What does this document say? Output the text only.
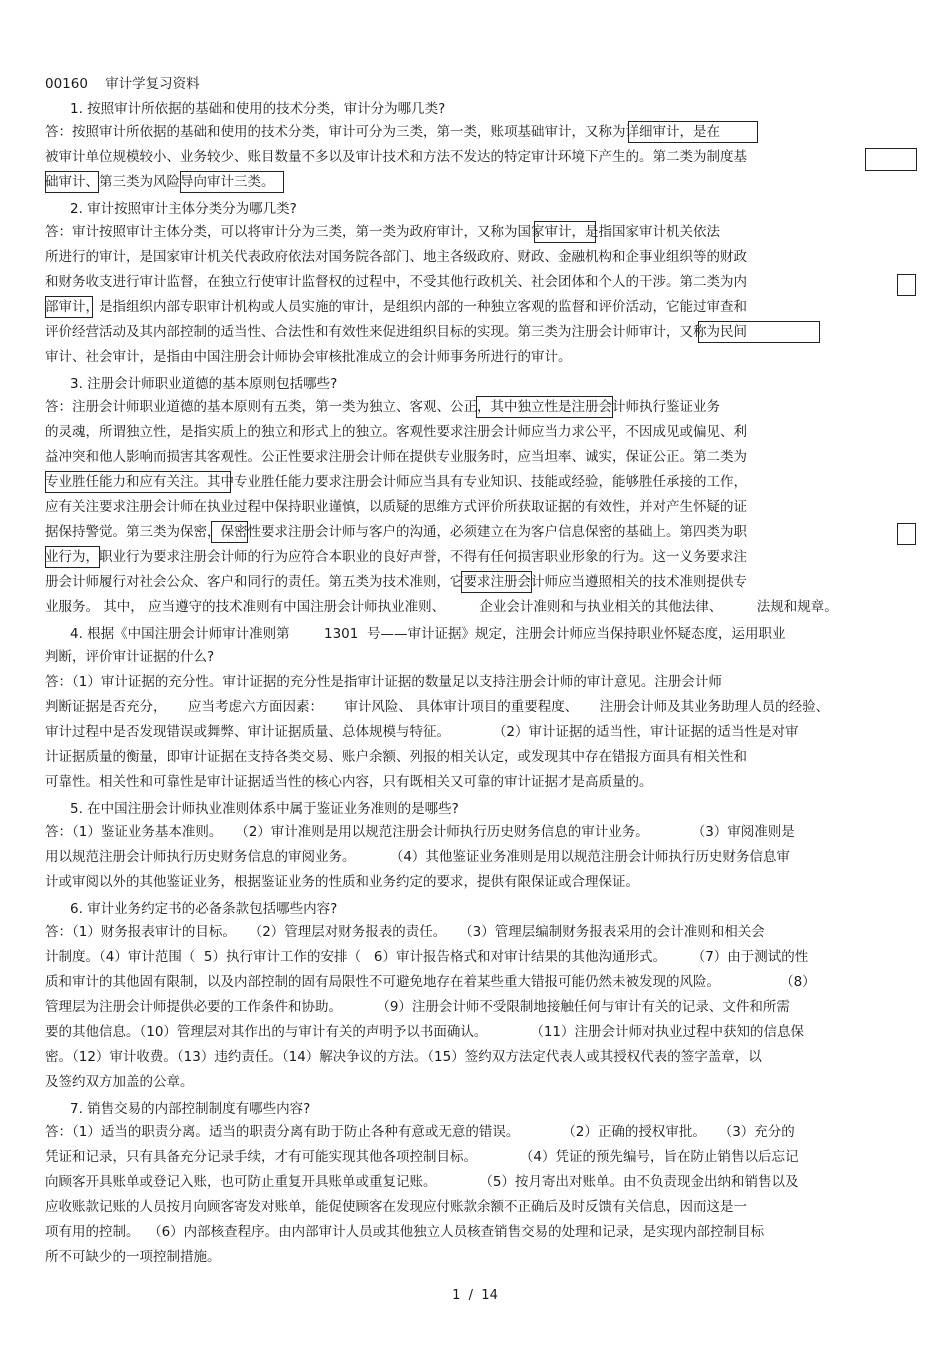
00160    审计学复习资料
1. 按照审计所依据的基础和使用的技术分类，审计分为哪几类?
答：按照审计所依据的基础和使用的技术分类，审计可分为三类，第一类，账项基础审计，又称为详细审计，是在
被审计单位规模较小、业务较少、账目数量不多以及审计技术和方法不发达的特定审计环境下产生的。第二类为制度基
础审计、第三类为风险导向审计三类。
2. 审计按照审计主体分类分为哪几类?
答：审计按照审计主体分类，可以将审计分为三类，第一类为政府审计，又称为国家审计，是指国家审计机关依法
所进行的审计，是国家审计机关代表政府依法对国务院各部门、地主各级政府、财政、金融机构和企事业组织等的财政
和财务收支进行审计监督，在独立行使审计监督权的过程中，不受其他行政机关、社会团体和个人的干涉。第二类为内
部审计，是指组织内部专职审计机构或人员实施的审计，是组织内部的一种独立客观的监督和评价活动，它能过审查和
评价经营活动及其内部控制的适当性、合法性和有效性来促进组织目标的实现。第三类为注册会计师审计，又称为民间
审计、社会审计，是指由中国注册会计师协会审核批准成立的会计师事务所进行的审计。
3. 注册会计师职业道德的基本原则包括哪些?
答：注册会计师职业道德的基本原则有五类，第一类为独立、客观、公正，其中独立性是注册会计师执行鉴证业务
的灵魂，所谓独立性，是指实质上的独立和形式上的独立。客观性要求注册会计师应当力求公平，不因成见或偏见、利
益冲突和他人影响而损害其客观性。公正性要求注册会计师在提供专业服务时，应当坦率、诚实，保证公正。第二类为
专业胜任能力和应有关注。其中专业胜任能力要求注册会计师应当具有专业知识、技能或经验，能够胜任承接的工作，
应有关注要求注册会计师在执业过程中保持职业谨慎，以质疑的思维方式评价所获取证据的有效性，并对产生怀疑的证
据保持警觉。第三类为保密，保密性要求注册会计师与客户的沟通，必须建立在为客户信息保密的基础上。第四类为职
业行为，职业行为要求注册会计师的行为应符合本职业的良好声誉，不得有任何损害职业形象的行为。这一义务要求注
册会计师履行对社会公众、客户和同行的责任。第五类为技术准则，它要求注册会计师应当遵照相关的技术准则提供专
业服务。 其中， 应当遵守的技术准则有中国注册会计师执业准则、        企业会计准则和与执业相关的其他法律、        法规和规章。
4. 根据《中国注册会计师审计准则第        1301  号——审计证据》规定，注册会计师应当保持职业怀疑态度，运用职业
判断，评价审计证据的什么?
答：（1）审计证据的充分性。审计证据的充分性是指审计证据的数量足以支持注册会计师的审计意见。注册会计师
判断证据是否充分，     应当考虑六方面因素：     审计风险、 具体审计项目的重要程度、     注册会计师及其业务助理人员的经验、
审计过程中是否发现错误或舞弊、审计证据质量、总体规模与特征。          （2）审计证据的适当性，审计证据的适当性是对审
计证据质量的衡量，即审计证据在支持各类交易、账户余额、列报的相关认定，或发现其中存在错报方面具有相关性和
可靠性。相关性和可靠性是审计证据适当性的核心内容，只有既相关又可靠的审计证据才是高质量的。
5. 在中国注册会计师执业准则体系中属于鉴证业务准则的是哪些?
答：（1）鉴证业务基本准则。   （2）审计准则是用以规范注册会计师执行历史财务信息的审计业务。          （3）审阅准则是
用以规范注册会计师执行历史财务信息的审阅业务。        （4）其他鉴证业务准则是用以规范注册会计师执行历史财务信息审
计或审阅以外的其他鉴证业务，根据鉴证业务的性质和业务约定的要求，提供有限保证或合理保证。
6. 审计业务约定书的必备条款包括哪些内容?
答：（1）财务报表审计的目标。   （2）管理层对财务报表的责任。   （3）管理层编制财务报表采用的会计准则和相关会
计制度。（4）审计范围（  5）执行审计工作的安排（   6）审计报告格式和对审计结果的其他沟通形式。      （7）由于测试的性
质和审计的其他固有限制，以及内部控制的固有局限性不可避免地存在着某些重大错报可能仍然未被发现的风险。              （8）
管理层为注册会计师提供必要的工作条件和协助。        （9）注册会计师不受限制地接触任何与审计有关的记录、文件和所需
要的其他信息。（10）管理层对其作出的与审计有关的声明予以书面确认。          （11）注册会计师对执业过程中获知的信息保
密。（12）审计收费。（13）违约责任。（14）解决争议的方法。（15）签约双方法定代表人或其授权代表的签字盖章，以
及签约双方加盖的公章。
7. 销售交易的内部控制制度有哪些内容?
答：（1）适当的职责分离。适当的职责分离有助于防止各种有意或无意的错误。          （2）正确的授权审批。   （3）充分的
凭证和记录，只有具备充分记录手续，才有可能实现其他各项控制目标。          （4）凭证的预先编号，旨在防止销售以后忘记
向顾客开具账单或登记入账，也可防止重复开具账单或重复记账。          （5）按月寄出对账单。由不负责现金出纳和销售以及
应收账款记账的人员按月向顾客寄发对账单，能促使顾客在发现应付账款余额不正确后及时反馈有关信息，因而这是一
项有用的控制。  （6）内部核查程序。由内部审计人员或其他独立人员核查销售交易的处理和记录，是实现内部控制目标
所不可缺少的一项控制措施。
1  /  14
